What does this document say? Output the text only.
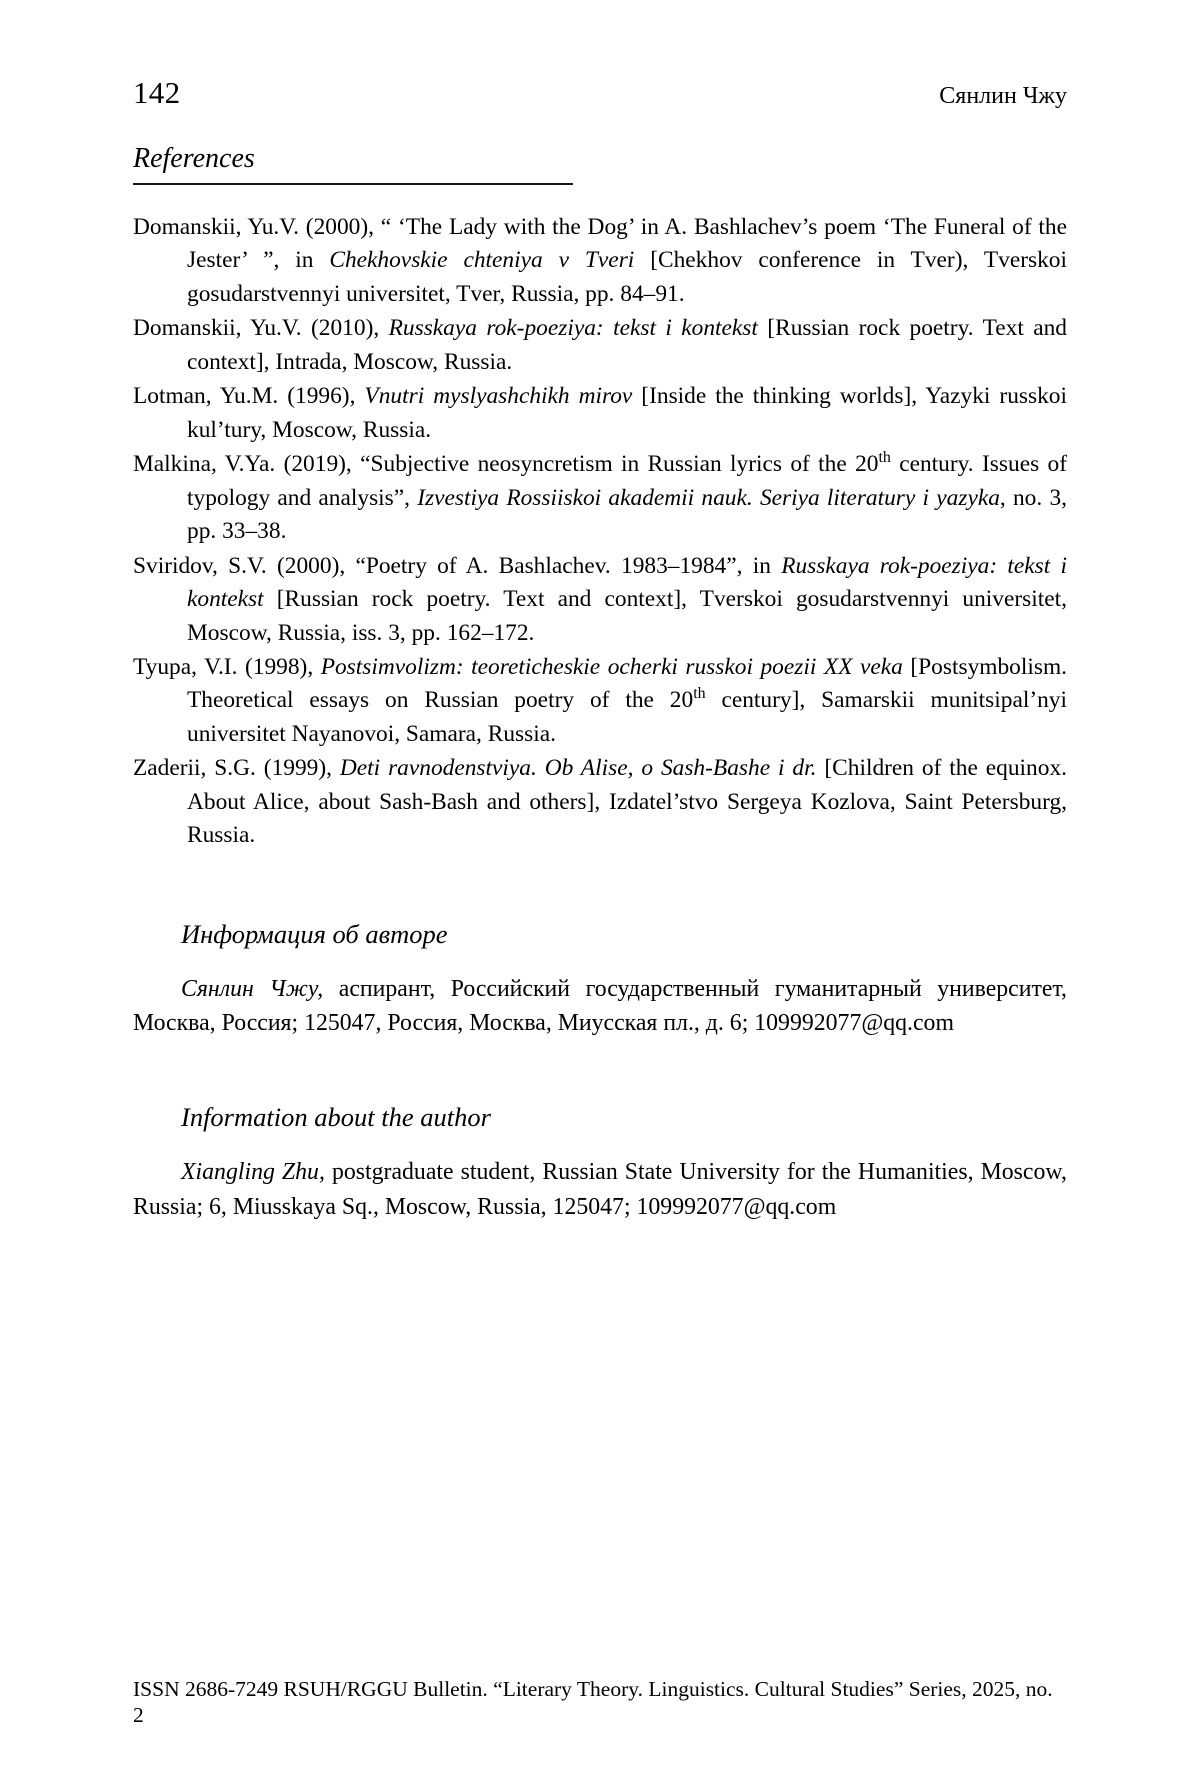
142	Сянлин Чжу
References
Domanskii, Yu.V. (2000), “ ‘The Lady with the Dog’ in A. Bashlachev’s poem ‘The Funeral of the Jester’ ”, in Chekhovskie chteniya v Tveri [Chekhov conference in Tver), Tverskoi gosudarstvennyi universitet, Tver, Russia, pp. 84–91.
Domanskii, Yu.V. (2010), Russkaya rok-poeziya: tekst i kontekst [Russian rock poetry. Text and context], Intrada, Moscow, Russia.
Lotman, Yu.M. (1996), Vnutri myslyashchikh mirov [Inside the thinking worlds], Yazyki russkoi kul’tury, Moscow, Russia.
Malkina, V.Ya. (2019), “Subjective neosyncretism in Russian lyrics of the 20th century. Issues of typology and analysis”, Izvestiya Rossiiskoi akademii nauk. Seriya literatury i yazyka, no. 3, pp. 33–38.
Sviridov, S.V. (2000), “Poetry of A. Bashlachev. 1983–1984”, in Russkaya rok-poeziya: tekst i kontekst [Russian rock poetry. Text and context], Tverskoi gosudarstvennyi universitet, Moscow, Russia, iss. 3, pp. 162–172.
Tyupa, V.I. (1998), Postsimvolizm: teoreticheskie ocherki russkoi poezii XX veka [Postsymbolism. Theoretical essays on Russian poetry of the 20th century], Samarskii munitsipal’nyi universitet Nayanovoi, Samara, Russia.
Zaderii, S.G. (1999), Deti ravnodenstviya. Ob Alise, o Sash-Bashe i dr. [Children of the equinox. About Alice, about Sash-Bash and others], Izdatel’stvo Sergeya Kozlova, Saint Petersburg, Russia.
Информация об авторе
Сянлин Чжу, аспирант, Российский государственный гуманитарный университет, Москва, Россия; 125047, Россия, Москва, Миусская пл., д. 6; 109992077@qq.com
Information about the author
Xiangling Zhu, postgraduate student, Russian State University for the Humanities, Moscow, Russia; 6, Miusskaya Sq., Moscow, Russia, 125047; 109992077@qq.com
ISSN 2686-7249 RSUH/RGGU Bulletin. “Literary Theory. Linguistics. Cultural Studies” Series, 2025, no. 2
